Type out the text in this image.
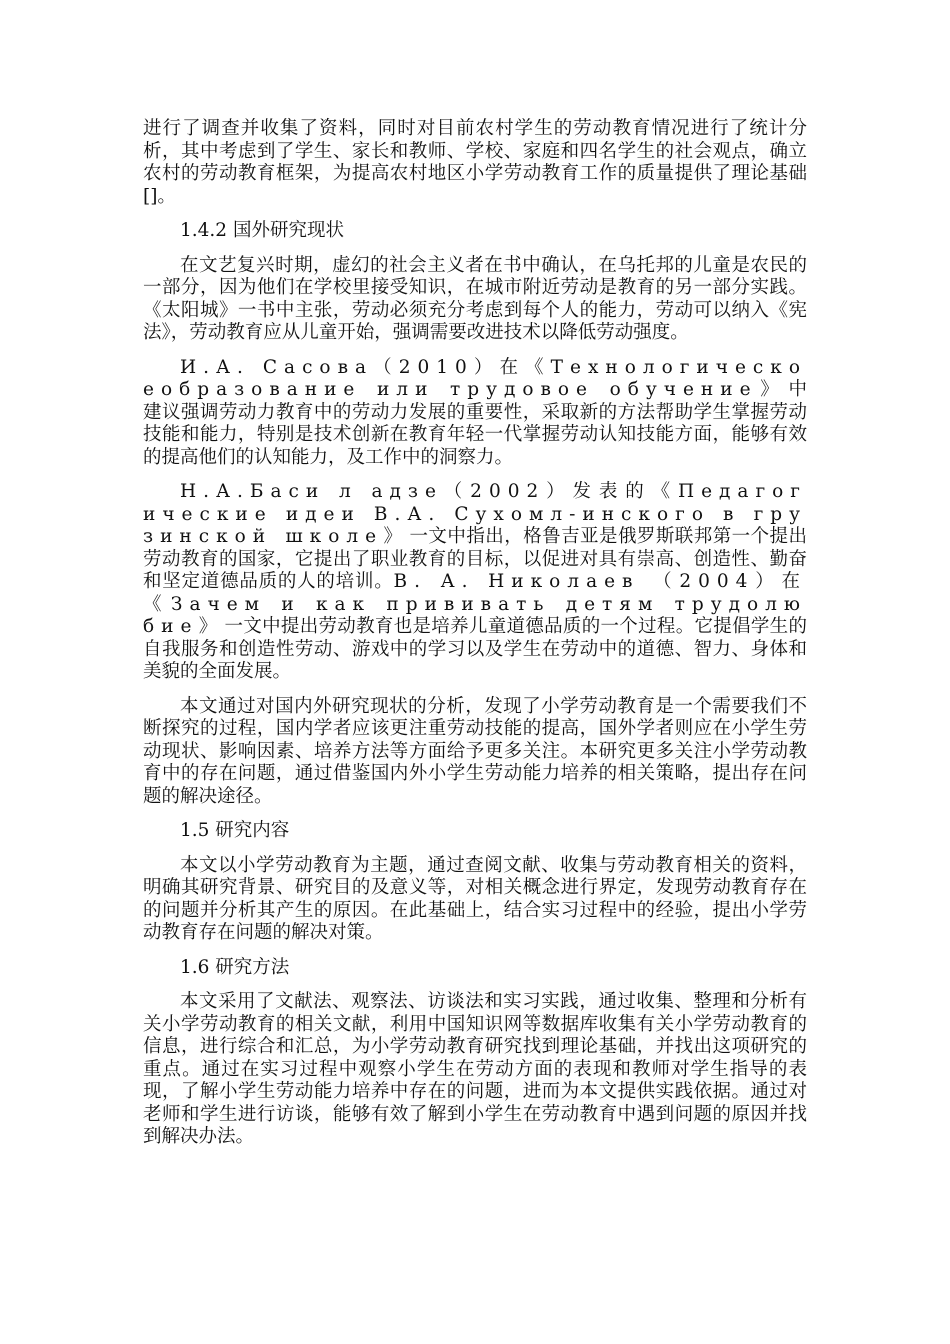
进行了调查并收集了资料，同时对目前农村学生的劳动教育情况进行了统计分析，其中考虑到了学生、家长和教师、学校、家庭和四名学生的社会观点，确立农村的劳动教育框架，为提高农村地区小学劳动教育工作的质量提供了理论基础[]。

1.4.2 国外研究现状

在文艺复兴时期，虚幻的社会主义者在书中确认，在乌托邦的儿童是农民的一部分，因为他们在学校里接受知识，在城市附近劳动是教育的另一部分实践。《太阳城》一书中主张，劳动必须充分考虑到每个人的能力，劳动可以纳入《宪法》，劳动教育应从儿童开始，强调需要改进技术以降低劳动强度。

И.А. Сасова（2010）在《Технологическоеобразование или трудовое обучение》中建议强调劳动力教育中的劳动力发展的重要性，采取新的方法帮助学生掌握劳动技能和能力，特别是技术创新在教育年轻一代掌握劳动认知技能方面，能够有效的提高他们的认知能力，及工作中的洞察力。

Н.А.Баси л адзе（2002）发表的《Педагогические идеи В.А. Сухомл-инского в грузинской школе》一文中指出，格鲁吉亚是俄罗斯联邦第一个提出劳动教育的国家，它提出了职业教育的目标，以促进对具有崇高、创造性、勤奋和坚定道德品质的人的培训。В. А. Николаев （2004）在《Зачем и как прививать детям трудолюбие》一文中提出劳动教育也是培养儿童道德品质的一个过程。它提倡学生的自我服务和创造性劳动、游戏中的学习以及学生在劳动中的道德、智力、身体和美貌的全面发展。

本文通过对国内外研究现状的分析，发现了小学劳动教育是一个需要我们不断探究的过程，国内学者应该更注重劳动技能的提高，国外学者则应在小学生劳动现状、影响因素、培养方法等方面给予更多关注。本研究更多关注小学劳动教育中的存在问题，通过借鉴国内外小学生劳动能力培养的相关策略，提出存在问题的解决途径。

1.5 研究内容

本文以小学劳动教育为主题，通过查阅文献、收集与劳动教育相关的资料，明确其研究背景、研究目的及意义等，对相关概念进行界定，发现劳动教育存在的问题并分析其产生的原因。在此基础上，结合实习过程中的经验，提出小学劳动教育存在问题的解决对策。

1.6 研究方法

本文采用了文献法、观察法、访谈法和实习实践，通过收集、整理和分析有关小学劳动教育的相关文献，利用中国知识网等数据库收集有关小学劳动教育的信息，进行综合和汇总，为小学劳动教育研究找到理论基础，并找出这项研究的重点。通过在实习过程中观察小学生在劳动方面的表现和教师对学生指导的表现，了解小学生劳动能力培养中存在的问题，进而为本文提供实践依据。通过对老师和学生进行访谈，能够有效了解到小学生在劳动教育中遇到问题的原因并找到解决办法。
